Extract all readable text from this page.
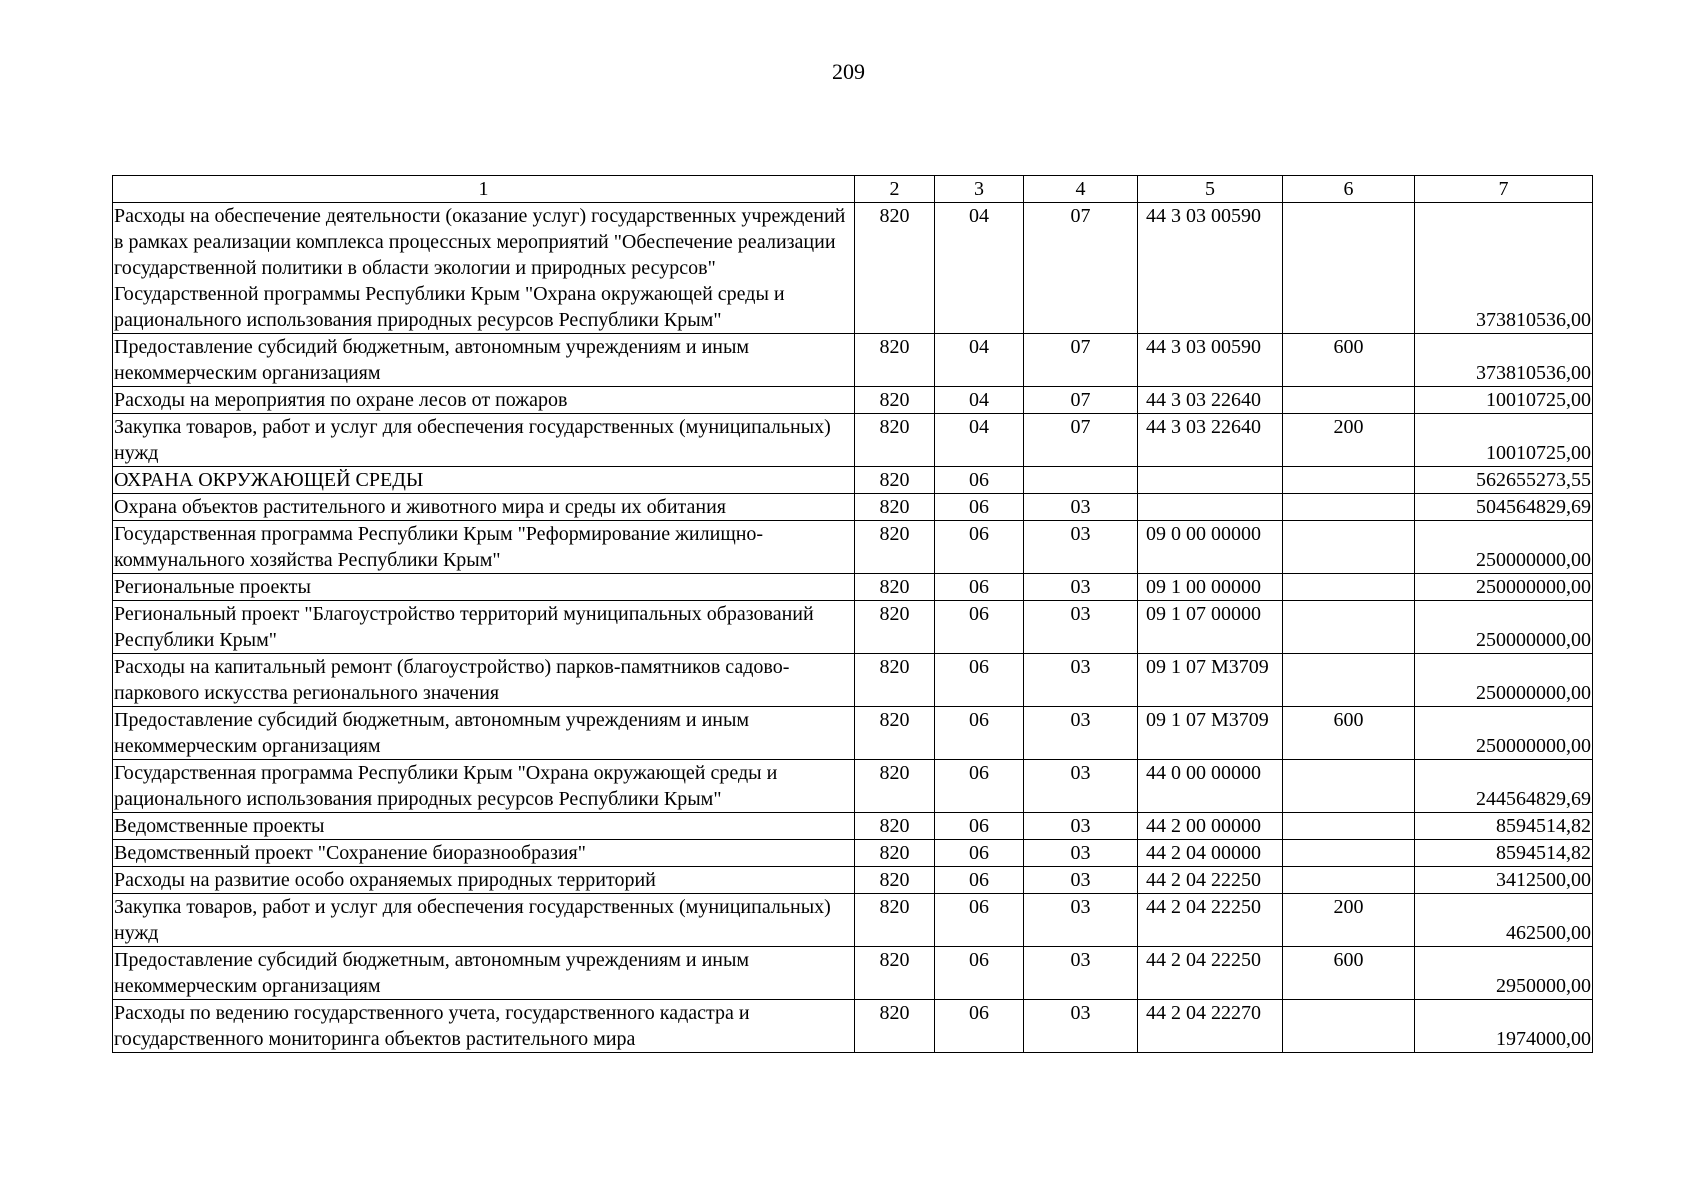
209
1	2	3	4	5	6	7
Расходы на обеспечение деятельности (оказание услуг) государственных учреждений в рамках реализации комплекса процессных мероприятий "Обеспечение реализации государственной политики в области экологии и природных ресурсов" Государственной программы Республики Крым "Охрана окружающей среды и рационального использования природных ресурсов Республики Крым"	820	04	07	44 3 03 00590		373810536,00
Предоставление субсидий бюджетным, автономным учреждениям и иным некоммерческим организациям	820	04	07	44 3 03 00590	600	373810536,00
Расходы на мероприятия по охране лесов от пожаров	820	04	07	44 3 03 22640		10010725,00
Закупка товаров, работ и услуг для обеспечения государственных (муниципальных) нужд	820	04	07	44 3 03 22640	200	10010725,00
ОХРАНА ОКРУЖАЮЩЕЙ СРЕДЫ	820	06				562655273,55
Охрана объектов растительного и животного мира и среды их обитания	820	06	03			504564829,69
Государственная программа Республики Крым "Реформирование жилищно-коммунального хозяйства Республики Крым"	820	06	03	09 0 00 00000		250000000,00
Региональные проекты	820	06	03	09 1 00 00000		250000000,00
Региональный проект "Благоустройство территорий муниципальных образований Республики Крым"	820	06	03	09 1 07 00000		250000000,00
Расходы на капитальный ремонт (благоустройство) парков-памятников садово-паркового искусства регионального значения	820	06	03	09 1 07 М3709		250000000,00
Предоставление субсидий бюджетным, автономным учреждениям и иным некоммерческим организациям	820	06	03	09 1 07 М3709	600	250000000,00
Государственная программа Республики Крым "Охрана окружающей среды и рационального использования природных ресурсов Республики Крым"	820	06	03	44 0 00 00000		244564829,69
Ведомственные проекты	820	06	03	44 2 00 00000		8594514,82
Ведомственный проект "Сохранение биоразнообразия"	820	06	03	44 2 04 00000		8594514,82
Расходы на развитие особо охраняемых природных территорий	820	06	03	44 2 04 22250		3412500,00
Закупка товаров, работ и услуг для обеспечения государственных (муниципальных) нужд	820	06	03	44 2 04 22250	200	462500,00
Предоставление субсидий бюджетным, автономным учреждениям и иным некоммерческим организациям	820	06	03	44 2 04 22250	600	2950000,00
Расходы по ведению государственного учета, государственного кадастра и государственного мониторинга объектов растительного мира	820	06	03	44 2 04 22270		1974000,00
